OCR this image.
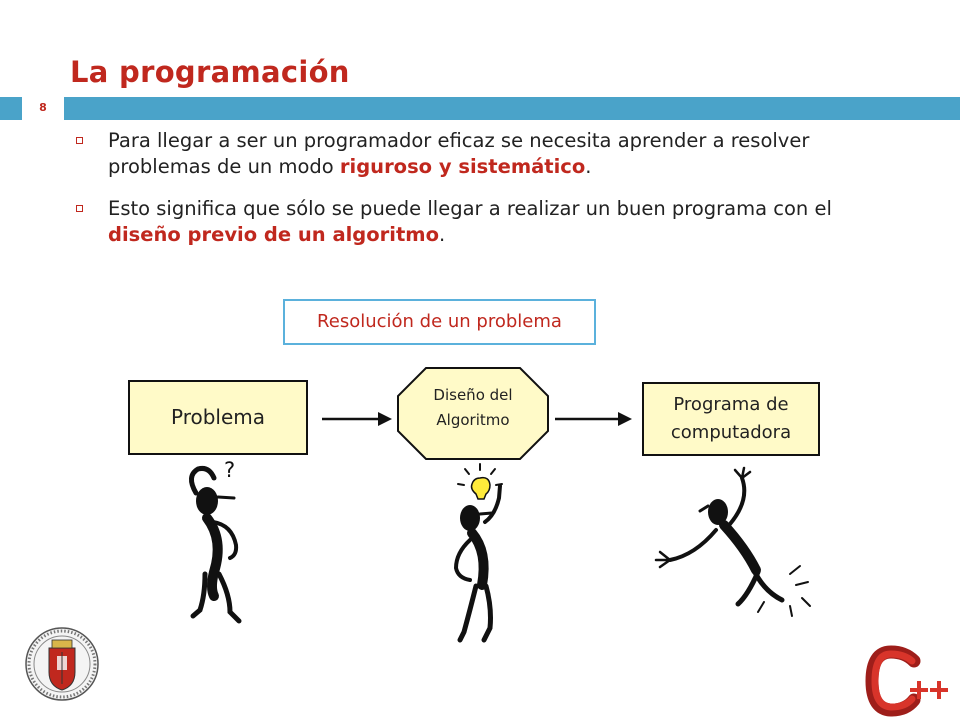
La programación
8
Para llegar a ser un programador eficaz se necesita aprender a resolver problemas de un modo riguroso y sistemático.
Esto significa que sólo se puede llegar a realizar un buen programa con el diseño previo de un algoritmo.
Resolución de un problema
Problema
Diseño del
Algoritmo
Programa de
computadora
?
